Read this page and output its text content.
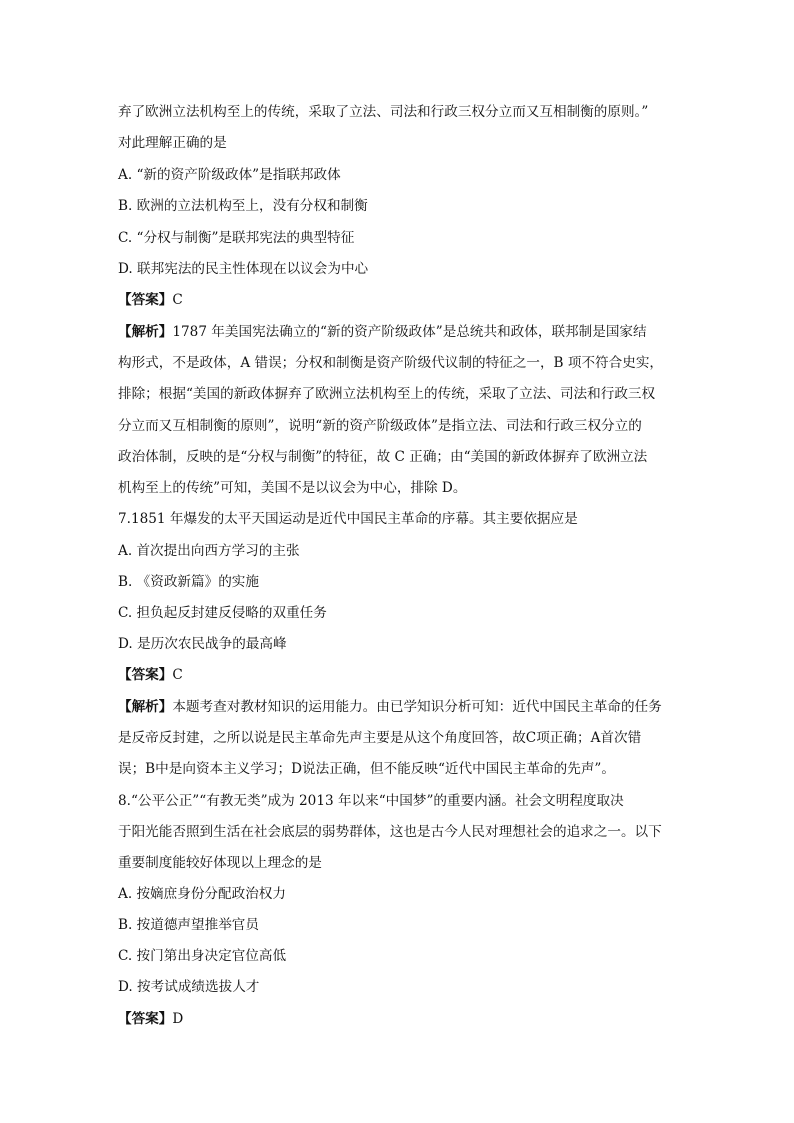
弃了欧洲立法机构至上的传统，采取了立法、司法和行政三权分立而又互相制衡的原则。”
对此理解正确的是
A. “新的资产阶级政体”是指联邦政体
B. 欧洲的立法机构至上，没有分权和制衡
C. “分权与制衡”是联邦宪法的典型特征
D. 联邦宪法的民主性体现在以议会为中心
【答案】C
【解析】1787 年美国宪法确立的“新的资产阶级政体”是总统共和政体，联邦制是国家结
构形式，不是政体，A 错误；分权和制衡是资产阶级代议制的特征之一，B 项不符合史实，
排除；根据“美国的新政体摒弃了欧洲立法机构至上的传统，采取了立法、司法和行政三权
分立而又互相制衡的原则”，说明“新的资产阶级政体”是指立法、司法和行政三权分立的
政治体制，反映的是“分权与制衡”的特征，故 C 正确；由“美国的新政体摒弃了欧洲立法
机构至上的传统”可知，美国不是以议会为中心，排除 D。
7.1851 年爆发的太平天国运动是近代中国民主革命的序幕。其主要依据应是
A. 首次提出向西方学习的主张
B. 《资政新篇》的实施
C. 担负起反封建反侵略的双重任务
D. 是历次农民战争的最高峰
【答案】C
【解析】本题考查对教材知识的运用能力。由已学知识分析可知：近代中国民主革命的任务
是反帝反封建，之所以说是民主革命先声主要是从这个角度回答，故C项正确；A首次错
误；B中是向资本主义学习；D说法正确，但不能反映“近代中国民主革命的先声”。
8.“公平公正”“有教无类”成为 2013 年以来“中国梦”的重要内涵。社会文明程度取决
于阳光能否照到生活在社会底层的弱势群体，这也是古今人民对理想社会的追求之一。以下
重要制度能较好体现以上理念的是
A. 按嫡庶身份分配政治权力
B. 按道德声望推举官员
C. 按门第出身决定官位高低
D. 按考试成绩选拔人才
【答案】D
